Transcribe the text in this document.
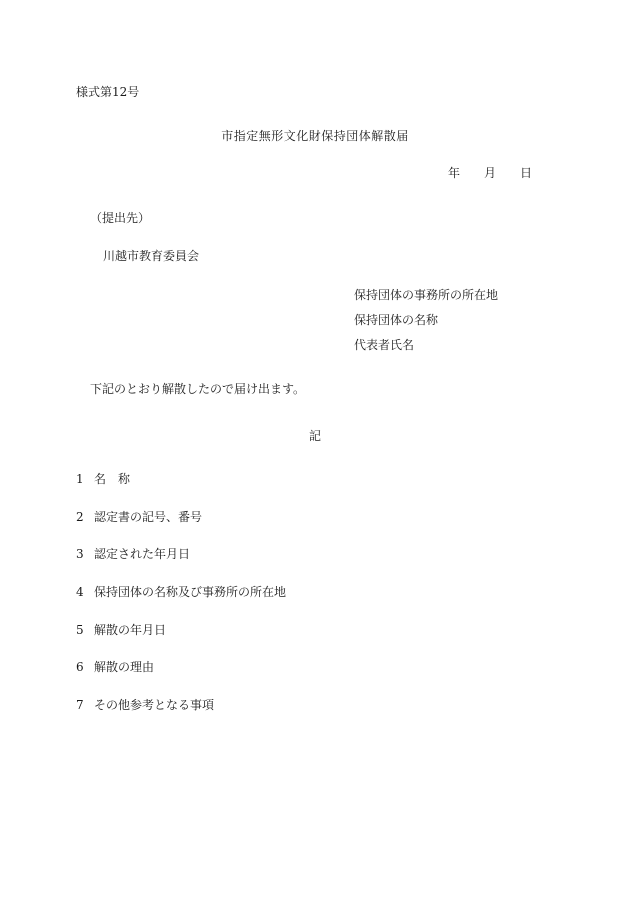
様式第12号
市指定無形文化財保持団体解散届
年 月 日
（提出先）
川越市教育委員会
保持団体の事務所の所在地
保持団体の名称
代表者氏名
下記のとおり解散したので届け出ます。
記
1 名　称
2 認定書の記号、番号
3 認定された年月日
4 保持団体の名称及び事務所の所在地
5 解散の年月日
6 解散の理由
7 その他参考となる事項
